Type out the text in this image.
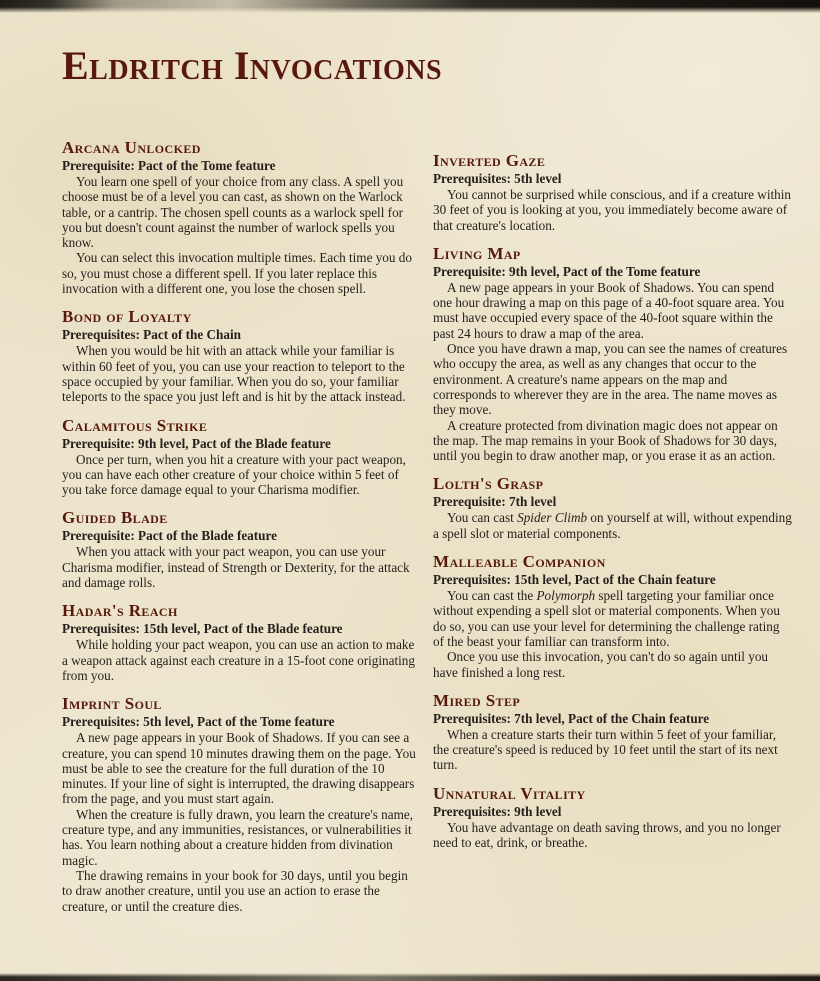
Eldritch Invocations
Arcana Unlocked

Prerequisite: Pact of the Tome feature

You learn one spell of your choice from any class. A spell you choose must be of a level you can cast, as shown on the Warlock table, or a cantrip. The chosen spell counts as a warlock spell for you but doesn't count against the number of warlock spells you know.

You can select this invocation multiple times. Each time you do so, you must chose a different spell. If you later replace this invocation with a different one, you lose the chosen spell.

Bond of Loyalty

Prerequisites: Pact of the Chain

When you would be hit with an attack while your familiar is within 60 feet of you, you can use your reaction to teleport to the space occupied by your familiar. When you do so, your familiar teleports to the space you just left and is hit by the attack instead.

Calamitous Strike

Prerequisite: 9th level, Pact of the Blade feature

Once per turn, when you hit a creature with your pact weapon, you can have each other creature of your choice within 5 feet of you take force damage equal to your Charisma modifier.

Guided Blade

Prerequisite: Pact of the Blade feature

When you attack with your pact weapon, you can use your Charisma modifier, instead of Strength or Dexterity, for the attack and damage rolls.

Hadar's Reach

Prerequisites: 15th level, Pact of the Blade feature

While holding your pact weapon, you can use an action to make a weapon attack against each creature in a 15-foot cone originating from you.

Imprint Soul

Prerequisites: 5th level, Pact of the Tome feature

A new page appears in your Book of Shadows. If you can see a creature, you can spend 10 minutes drawing them on the page. You must be able to see the creature for the full duration of the 10 minutes. If your line of sight is interrupted, the drawing disappears from the page, and you must start again.

When the creature is fully drawn, you learn the creature's name, creature type, and any immunities, resistances, or vulnerabilities it has. You learn nothing about a creature hidden from divination magic.

The drawing remains in your book for 30 days, until you begin to draw another creature, until you use an action to erase the creature, or until the creature dies.

Inverted Gaze

Prerequisites: 5th level

You cannot be surprised while conscious, and if a creature within 30 feet of you is looking at you, you immediately become aware of that creature's location.

Living Map

Prerequisite: 9th level, Pact of the Tome feature

A new page appears in your Book of Shadows. You can spend one hour drawing a map on this page of a 40-foot square area. You must have occupied every space of the 40-foot square within the past 24 hours to draw a map of the area.

Once you have drawn a map, you can see the names of creatures who occupy the area, as well as any changes that occur to the environment. A creature's name appears on the map and corresponds to wherever they are in the area. The name moves as they move.

A creature protected from divination magic does not appear on the map. The map remains in your Book of Shadows for 30 days, until you begin to draw another map, or you erase it as an action.

Lolth's Grasp

Prerequisite: 7th level

You can cast Spider Climb on yourself at will, without expending a spell slot or material components.

Malleable Companion

Prerequisites: 15th level, Pact of the Chain feature

You can cast the Polymorph spell targeting your familiar once without expending a spell slot or material components. When you do so, you can use your level for determining the challenge rating of the beast your familiar can transform into.

Once you use this invocation, you can't do so again until you have finished a long rest.

Mired Step

Prerequisites: 7th level, Pact of the Chain feature

When a creature starts their turn within 5 feet of your familiar, the creature's speed is reduced by 10 feet until the start of its next turn.

Unnatural Vitality

Prerequisites: 9th level

You have advantage on death saving throws, and you no longer need to eat, drink, or breathe.
